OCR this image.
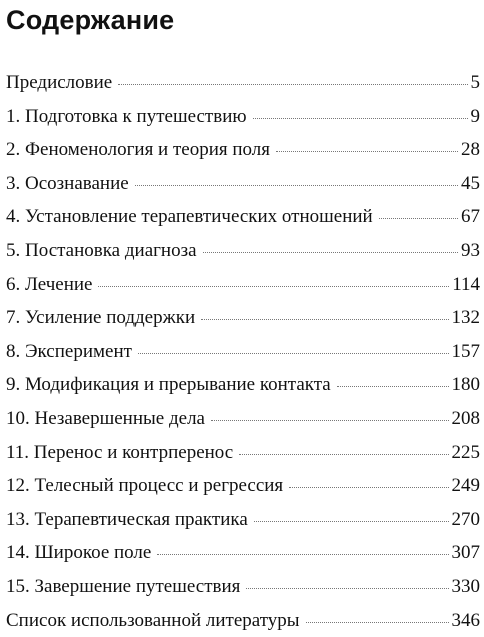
Содержание
Предисловие	5
1. Подготовка к путешествию	9
2. Феноменология и теория поля	28
3. Осознавание	45
4. Установление терапевтических отношений	67
5. Постановка диагноза	93
6. Лечение	114
7. Усиление поддержки	132
8. Эксперимент	157
9. Модификация и прерывание контакта	180
10. Незавершенные дела	208
11. Перенос и контрперенос	225
12. Телесный процесс и регрессия	249
13. Терапевтическая практика	270
14. Широкое поле	307
15. Завершение путешествия	330
Список использованной литературы	346
